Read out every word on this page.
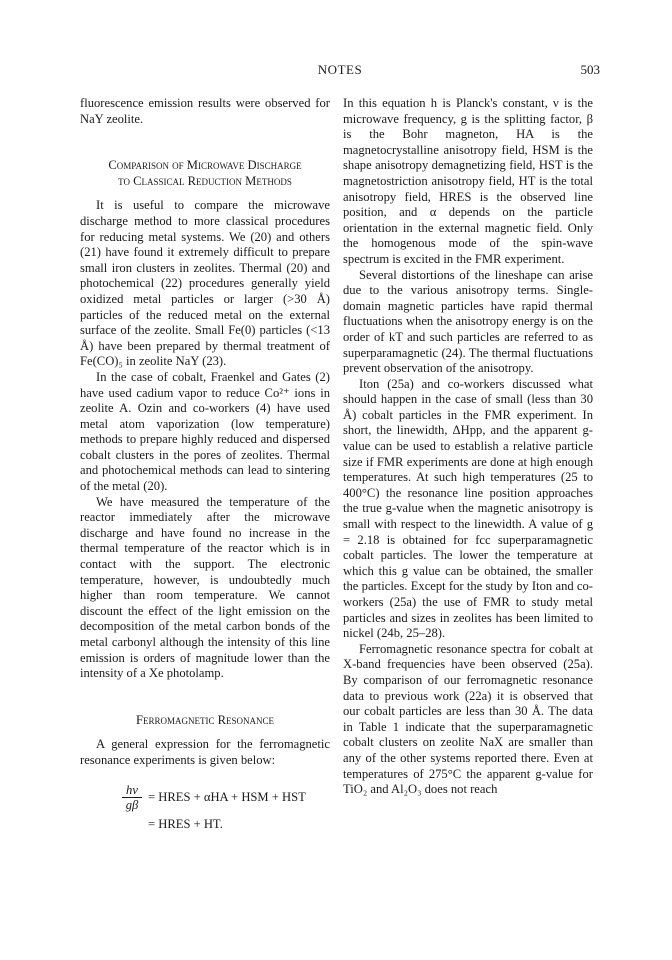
NOTES	503

fluorescence emission results were observed for NaY zeolite.

Comparison of Microwave Discharge
to Classical Reduction Methods

It is useful to compare the microwave discharge method to more classical procedures for reducing metal systems. We (20) and others (21) have found it extremely difficult to prepare small iron clusters in zeolites. Thermal (20) and photochemical (22) procedures generally yield oxidized metal particles or larger (>30 Å) particles of the reduced metal on the external surface of the zeolite. Small Fe(0) particles (<13 Å) have been prepared by thermal treatment of Fe(CO)₅ in zeolite NaY (23).

In the case of cobalt, Fraenkel and Gates (2) have used cadium vapor to reduce Co²⁺ ions in zeolite A. Ozin and co-workers (4) have used metal atom vaporization (low temperature) methods to prepare highly reduced and dispersed cobalt clusters in the pores of zeolites. Thermal and photochemical methods can lead to sintering of the metal (20).

We have measured the temperature of the reactor immediately after the microwave discharge and have found no increase in the thermal temperature of the reactor which is in contact with the support. The electronic temperature, however, is undoubtedly much higher than room temperature. We cannot discount the effect of the light emission on the decomposition of the metal carbon bonds of the metal carbonyl although the intensity of this line emission is orders of magnitude lower than the intensity of a Xe photolamp.

Ferromagnetic Resonance

A general expression for the ferromagnetic resonance experiments is given below:

$\frac{h\nu}{g\beta}$ = HRES + αHA + HSM + HST
= HRES + HT.

In this equation h is Planck's constant, ν is the microwave frequency, g is the splitting factor, β is the Bohr magneton, HA is the magnetocrystalline anisotropy field, HSM is the shape anisotropy demagnetizing field, HST is the magnetostriction anisotropy field, HT is the total anisotropy field, HRES is the observed line position, and α depends on the particle orientation in the external magnetic field. Only the homogenous mode of the spin-wave spectrum is excited in the FMR experiment.

Several distortions of the lineshape can arise due to the various anisotropy terms. Single-domain magnetic particles have rapid thermal fluctuations when the anisotropy energy is on the order of kT and such particles are referred to as superparamagnetic (24). The thermal fluctuations prevent observation of the anisotropy.

Iton (25a) and co-workers discussed what should happen in the case of small (less than 30 Å) cobalt particles in the FMR experiment. In short, the linewidth, ΔHpp, and the apparent g-value can be used to establish a relative particle size if FMR experiments are done at high enough temperatures. At such high temperatures (25 to 400°C) the resonance line position approaches the true g-value when the magnetic anisotropy is small with respect to the linewidth. A value of g = 2.18 is obtained for fcc superparamagnetic cobalt particles. The lower the temperature at which this g value can be obtained, the smaller the particles. Except for the study by Iton and co-workers (25a) the use of FMR to study metal particles and sizes in zeolites has been limited to nickel (24b, 25–28).

Ferromagnetic resonance spectra for cobalt at X-band frequencies have been observed (25a). By comparison of our ferromagnetic resonance data to previous work (22a) it is observed that our cobalt particles are less than 30 Å. The data in Table 1 indicate that the superparamagnetic cobalt clusters on zeolite NaX are smaller than any of the other systems reported there. Even at temperatures of 275°C the apparent g-value for TiO₂ and Al₂O₃ does not reach
